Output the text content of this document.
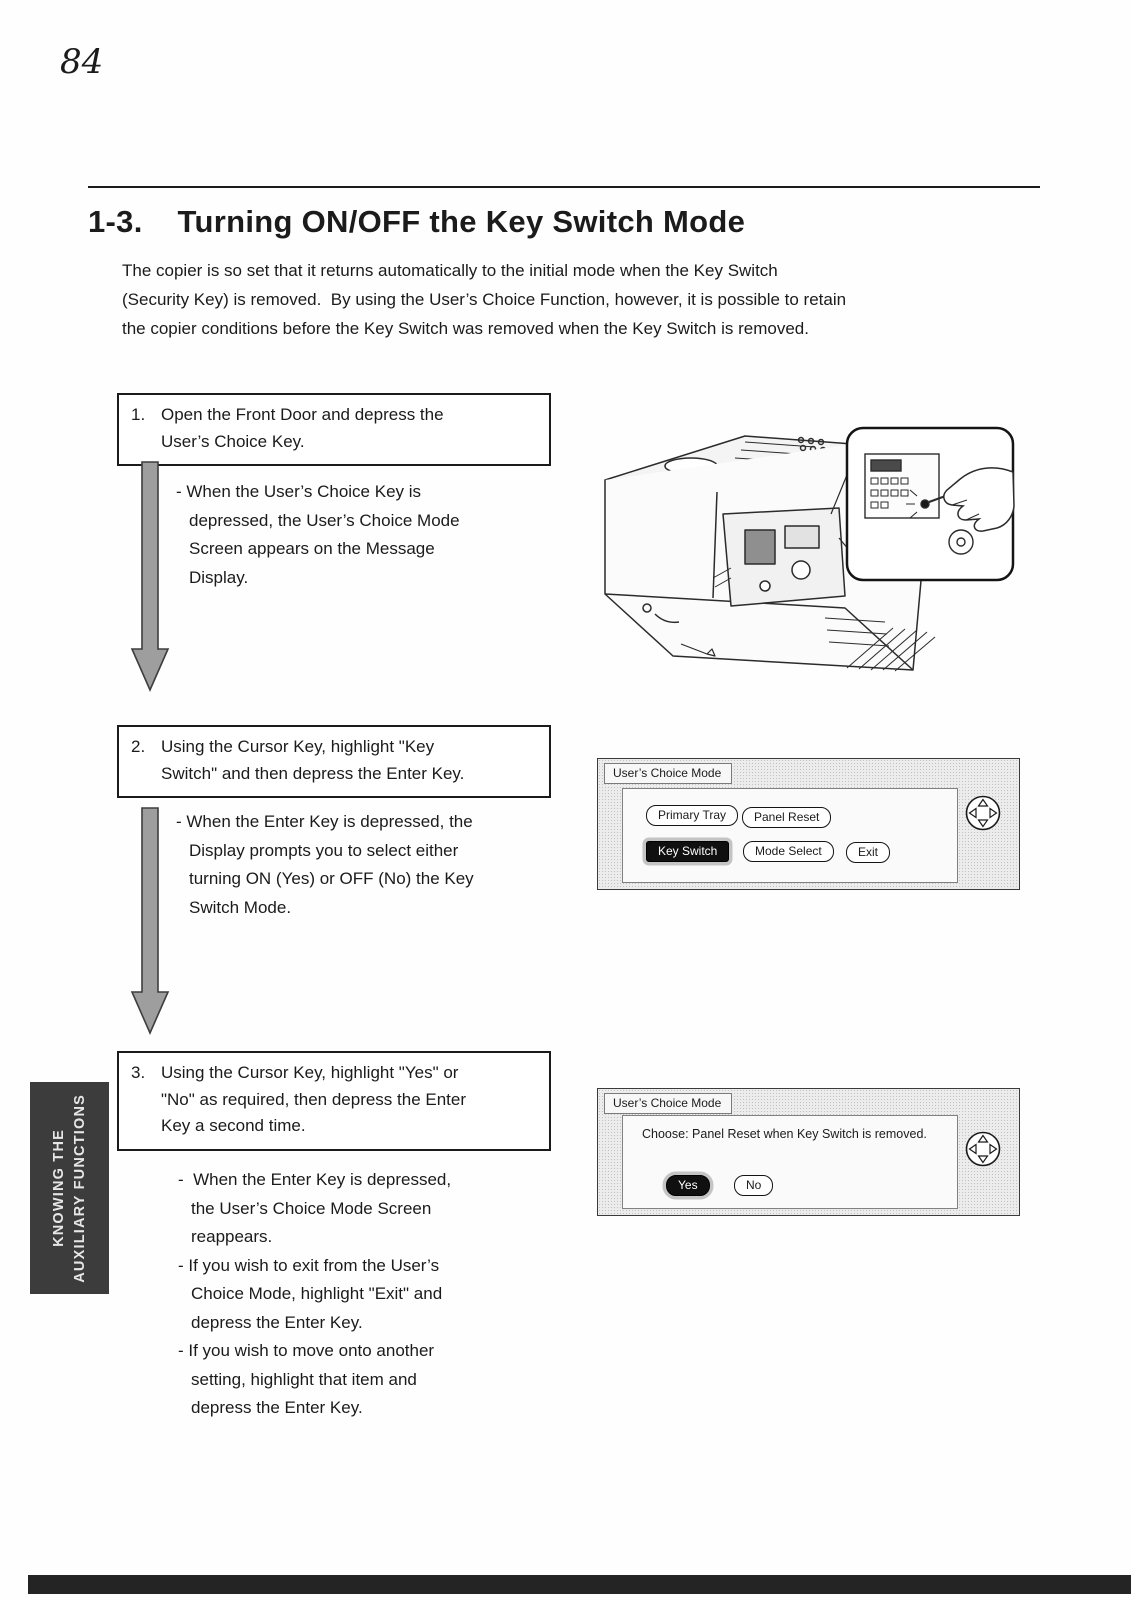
84
1-3. Turning ON/OFF the Key Switch Mode
The copier is so set that it returns automatically to the initial mode when the Key Switch
(Security Key) is removed.  By using the User’s Choice Function, however, it is possible to retain
the copier conditions before the Key Switch was removed when the Key Switch is removed.
1. Open the Front Door and depress the
User’s Choice Key.
- When the User’s Choice Key is
depressed, the User’s Choice Mode
Screen appears on the Message
Display.
2. Using the Cursor Key, highlight "Key
Switch" and then depress the Enter Key.	User’s Choice Mode
Primary Tray	Panel Reset
Key Switch	Mode Select	Exit
- When the Enter Key is depressed, the
Display prompts you to select either
turning ON (Yes) or OFF (No) the Key
Switch Mode.
3. Using the Cursor Key, highlight "Yes" or
"No" as required, then depress the Enter
Key a second time.
User’s Choice Mode
Choose: Panel Reset when Key Switch is removed.
Yes	No
KNOWING THE AUXILIARY FUNCTIONS	-  When the Enter Key is depressed,
the User’s Choice Mode Screen
reappears.
- If you wish to exit from the User’s
Choice Mode, highlight "Exit" and
depress the Enter Key.
- If you wish to move onto another
setting, highlight that item and
depress the Enter Key.
